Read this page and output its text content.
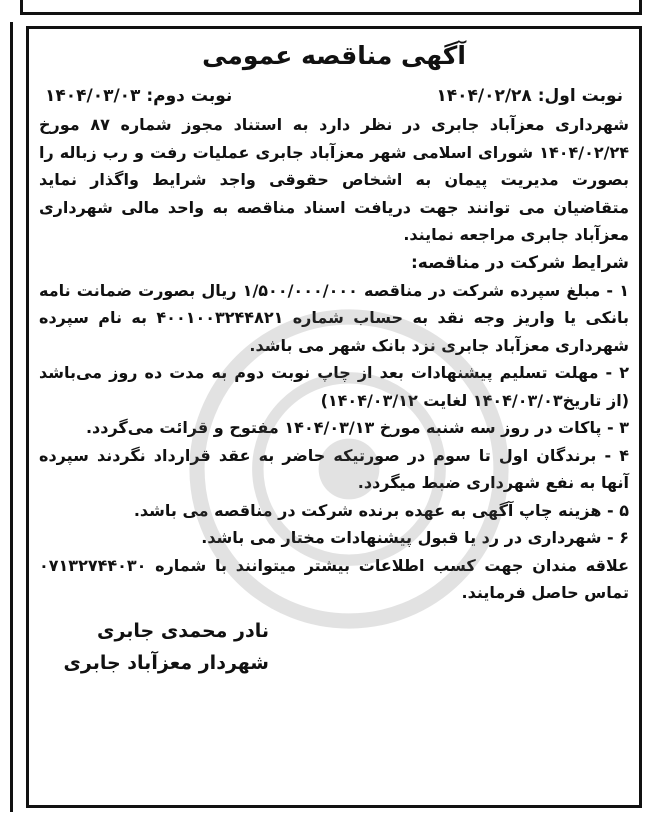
آگهی مناقصه عمومی
نوبت اول: ۱۴۰۴/۰۲/۲۸
نوبت دوم: ۱۴۰۴/۰۳/۰۳

شهرداری معزآباد جابری در نظر دارد به استناد مجوز شماره ۸۷ مورخ ۱۴۰۴/۰۲/۲۴ شورای اسلامی شهر معزآباد جابری عملیات رفت و رب زباله را بصورت مدیریت پیمان به اشخاص حقوقی واجد شرایط واگذار نماید متقاضیان می توانند جهت دریافت اسناد مناقصه به واحد مالی شهرداری معزآباد جابری مراجعه نمایند.

شرایط شرکت در مناقصه:

۱ - مبلغ سپرده شرکت در مناقصه ۱/۵۰۰/۰۰۰/۰۰۰ ریال بصورت ضمانت نامه بانکی یا واریز وجه نقد به حساب شماره ۴۰۰۱۰۰۳۲۴۴۸۲۱ به نام سپرده شهرداری معزآباد جابری نزد بانک شهر می باشد.
۲ - مهلت تسلیم پیشنهادات بعد از چاپ نوبت دوم به مدت ده روز می‌باشد (از تاریخ۱۴۰۴/۰۳/۰۳ لغایت ۱۴۰۴/۰۳/۱۲)
۳ - پاکات در روز سه شنبه مورخ ۱۴۰۴/۰۳/۱۳ مفتوح و قرائت می‌گردد.
۴ - برندگان اول تا سوم در صورتیکه حاضر به عقد قرارداد نگردند سپرده آنها به نفع شهرداری ضبط میگردد.
۵ - هزینه چاپ آگهی به عهده برنده شرکت در مناقصه می باشد.
۶ - شهرداری در رد یا قبول پیشنهادات مختار می باشد.

علاقه مندان جهت کسب اطلاعات بیشتر میتوانند با شماره ۰۷۱۳۲۷۴۴۰۳۰ تماس حاصل فرمایند.

نادر محمدی جابری
شهردار معزآباد جابری
